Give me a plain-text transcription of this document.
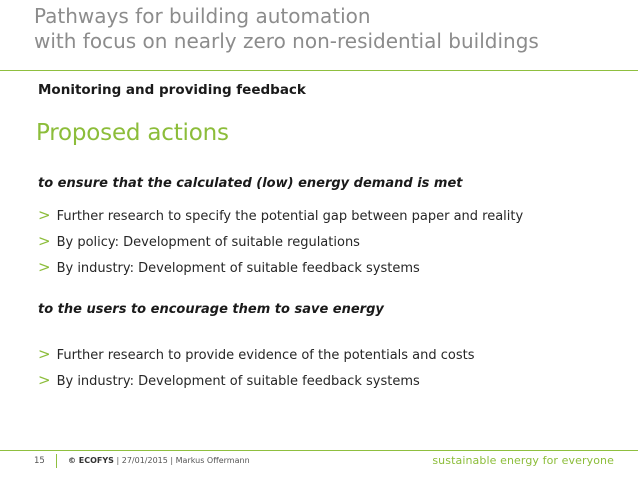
Pathways for building automation
with focus on nearly zero non-residential buildings
Monitoring and providing feedback
Proposed actions

to ensure that the calculated (low) energy demand is met

> Further research to specify the potential gap between paper and reality
> By policy: Development of suitable regulations
> By industry: Development of suitable feedback systems

to the users to encourage them to save energy

> Further research to provide evidence of the potentials and costs
> By industry: Development of suitable feedback systems
15	© ECOFYS | 27/01/2015 | Markus Offermann	sustainable energy for everyone
